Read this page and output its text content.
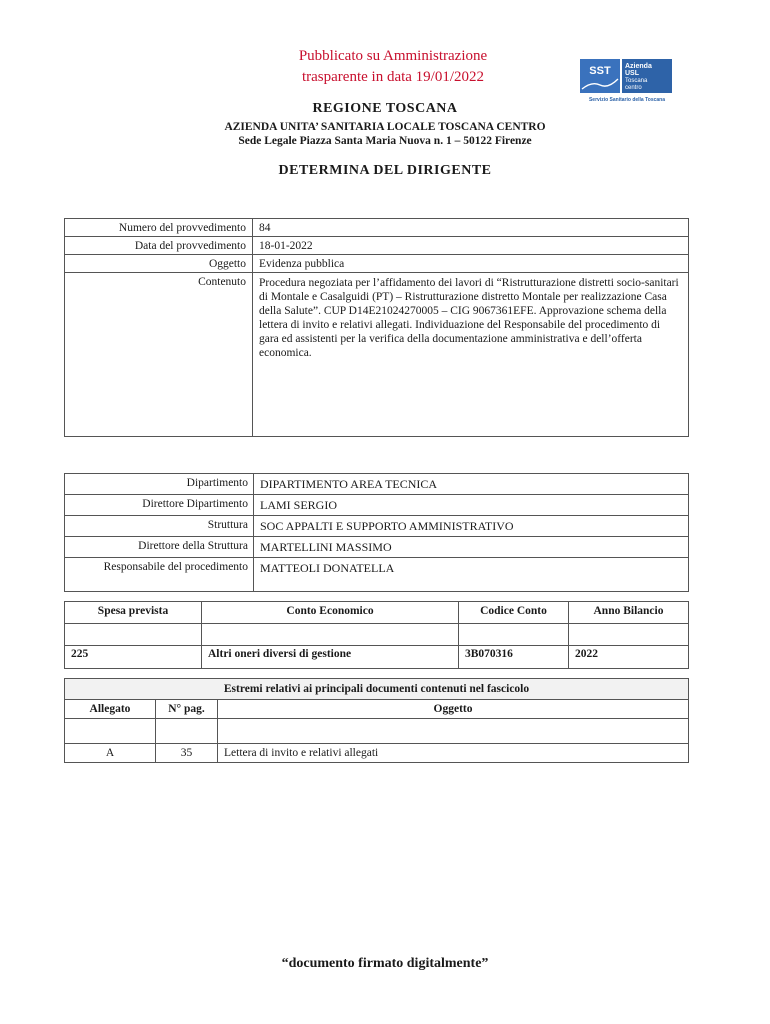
Pubblicato su Amministrazione
trasparente in data 19/01/2022	SST Azienda
USL
Toscana
centro
Servizio Sanitario della Toscana
REGIONE TOSCANA
AZIENDA UNITA’ SANITARIA LOCALE TOSCANA CENTRO
Sede Legale Piazza Santa Maria Nuova n. 1 – 50122 Firenze
DETERMINA DEL DIRIGENTE
Numero del provvedimento	84
Data del provvedimento	18-01-2022
Oggetto	Evidenza pubblica
Contenuto	Procedura negoziata per l’affidamento dei lavori di “Ristrutturazione distretti socio-sanitari di Montale e Casalguidi (PT) – Ristrutturazione distretto Montale per realizzazione Casa della Salute”. CUP D14E21024270005 – CIG 9067361EFE. Approvazione schema della lettera di invito e relativi allegati. Individuazione del Responsabile del procedimento di gara ed assistenti per la verifica della documentazione amministrativa e dell’offerta economica.
Dipartimento	DIPARTIMENTO AREA TECNICA
Direttore Dipartimento	LAMI SERGIO
Struttura	SOC APPALTI E SUPPORTO AMMINISTRATIVO
Direttore della Struttura	MARTELLINI MASSIMO
Responsabile del procedimento	MATTEOLI DONATELLA
Spesa prevista	Conto Economico	Codice Conto	Anno Bilancio

225	Altri oneri diversi di gestione	3B070316	2022
Estremi relativi ai principali documenti contenuti nel fascicolo		
Allegato	N° pag.	Oggetto

A	35	Lettera di invito e relativi allegati
“documento firmato digitalmente”
